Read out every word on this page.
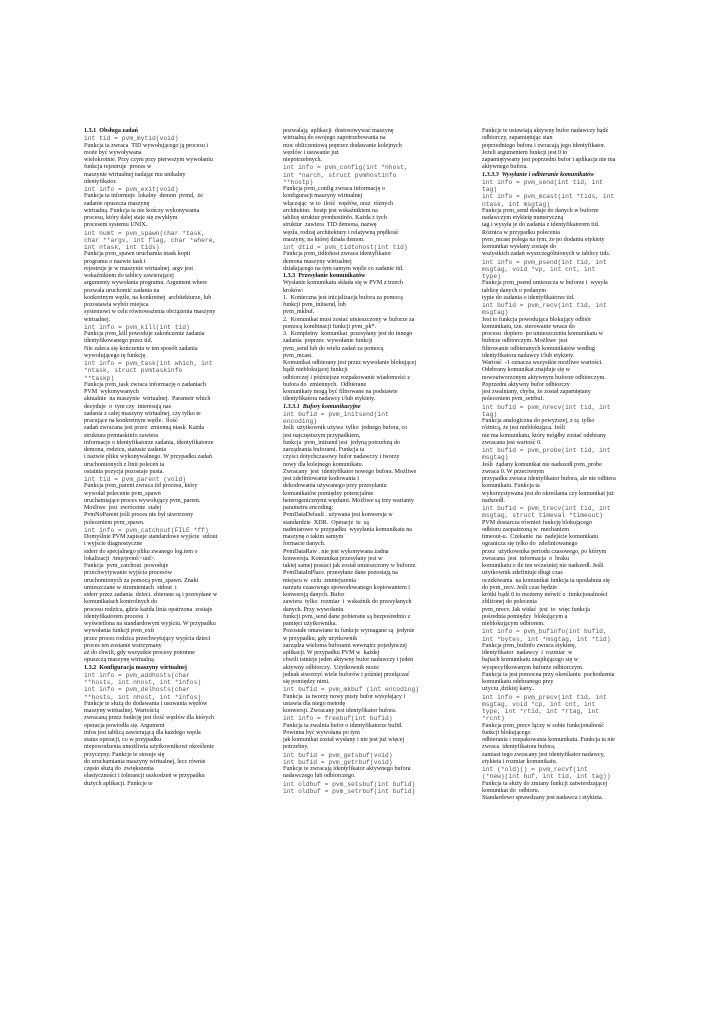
1.3.1  Obsługa zadań
int tid = pvm_mytid(void)
Funkcja ta zwraca  TID wywołującego ją procesu i
może być wywoływana
wielokrotnie. Przy czym przy pierwszym wywołaniu
funkcja rejestruje  proces w
maszynie wirtualnej nadając mu unikalny
identyfikator.
int info = pvm_exit(void)
Funkcja ta informuje  lokalny  demon  pvmd,  że
zadanie opuszcza maszynę
wirtualną. Funkcja ta nie kończy wykonywania
procesu, który dalej staje się zwykłym
procesem systemu UNIX.
int numt = pvm_spawn(char *task,
char **argv, int flag, char *where,
int ntask, int tids)
Funkcja pvm_spawn uruchamia ntask kopii
programu o nazwie task i
rejestruje je w maszynie wirtualnej. argv jest
wskaźnikiem do tablicy zawierającej
argumenty wywołania programu. Argument where
pozwala uruchomić zadania na
konkretnym węźle, na konkretnej  architekturze, lub
pozostawia wybór miejsca
systemowi w celu równoważenia obciążenia maszyny
wirtualnej.
int info = pvm_kill(int tid)
Funkcja pvm_kill powoduje zakończenie zadania
identyfikowanego przez tid.
Nie zaleca się kończenia w ten sposób zadania
wywołującego tę funkcję.
int info = pvm_task(int which, int
*ntask, struct pvmtaskinfo
**taskp)
Funkcja pvm_task zwraca informację o zadaniach
PVM  wykonywanych
aktualnie  na maszynie  wirtualnej.  Parametr which
decyduje  o  tym czy  interesują nas
zadania z całej maszyny wirtualnej, czy tylko te
pracujące na konkretnym węźle.  Ilość
zadań zwracana jest przez  zmienną ntask. Każda
struktura pvmtaskinfo zawiera
informacje o identyfikatorze zadania, identyfikatorze
demona, rodzicu, statusie zadania
i nazwie pliku wykonywalnego. W przypadku zadań
uruchomionych z linii poleceń ta
ostatnia pozycja pozostaje pusta.
int tid = pvm_parent (void)
Funkcja pvm_parent zwraca tid procesu, który
wywołał polecenie pvm_spawn
uruchamiające proces wywołujący pvm_parent.
Możliwe  jest  zwrócenie  stałej
PvmNoParent jeśli proces nie był utworzony
poleceniem pvm_spawn.
int info = pvm_catchout(FILE *ff)
Domyślnie PVM zapisuje standardowe wyjście  stdout
i wyjście diagnostyczne
stderr do specjalnego pliku zwanego log.iem o
lokalizacji  /tmp/pvml/<uid>.
Funkcja  pvm_catchout  powoduje
przechwytywanie wyjścia procesów
uruchomionych za pomocą pvm_spawn. Znaki
umieszczane w strumieniach  stdout  i
stderr przez zadania  dzieci. zbierane są i przesyłane w
komunikatach kontrolnych do
procesu rodzica, gdzie każda linia opatrzona  zostaje
identyfikatorem procesu  i
wyświetlona na standardowym wyjściu. W przypadku
wywołania funkcji pvm_exit
przez proces rodzica przechwytujący wyjścia dzieci
proces ten zostanie wstrzymany
aż do chwili, gdy wszystkie procesy potomne
opuszczą maszynę wirtualną.
1.3.2  Konfiguracja maszyny wirtualnej
int info = pvm_addhosts(char
**hosts, int nhost, int *infos)
int info = pvm_delhosts(char
**hosts, int nhost, int *infos)
Funkcje te służą do dodawania i usuwania węzłów
maszyny wirtualnej. Wartością
zwracaną przez funkcję jest ilość węzłów dla których
operacja powiodła się. Argument
infos jest tablicą zawierającą dla każdego węzła
status operacji, co w przypadku
niepowodzenia umożliwia użytkownikowi określenie
przyczyny. Funkcje te stosuje się
do uruchamiania maszyny wirtualnej, lecz równie
często służą do  zwiększenia
elastyczności i tolerancji uszkodzeń w przypadku
dużych aplikacji. Funkcje te
pozwalają  aplikacji  dostosowywać maszynę
wirtualną do swojego zapotrzebowania na
moc obliczeniową poprzez dodawanie kolejnych
węzłów i usuwanie już
niepotrzebnych.
int info = pvm_config(int *nhost,
int *narch, struct pvmhostinfo
**hostp)
Funkcja pvm_config zwraca informację o
konfiguracji maszyny wirtualnej
włączając  w to  ilość  węzłów, oraz  różnych
architektur.  hostp jest wskaźnikiem na
tablicę struktur pvmhostinfo. Każda z tych
struktur  zawiera  TID demona, nazwę
węzła, rodzaj architektury i relatywną prędkość
maszyny, na której działa demon.
int dtid = pvm_tidtohost(int tid)
Funkcja pvm_tidtohost zwraca identyfikator
demona maszyny wirtualnej
działającego na tym samym węźle co zadanie tid.
1.3.3  Przesyłanie komunikatów
Wysłanie komunikatu składa się w PVM z trzech
kroków:
1.  Konieczna jest inicjalizacja bufora za pomocą
funkcji pvm_initsend, lub
pvm_mkbuf.
2.  Komunikat musi zostać umieszczony w buforze za
pomocą kombinacji funkcji pvm_pk*.
3.  Kompletny  komunikat  przesyłany jest do innego
zadania  poprzez  wywołanie funkcji
pvm_send lub do wielu zadań za pomocą
pvm_mcast.
Komunikat odbierany jest przez wywołanie blokującej
bądź nieblokującej funkcji
odbiorczej i późniejsze rozpakowanie wiadomości z
bufora do  zmiennych.  Odbierane
komunikaty mogą być filtrowane na podstawie
identyfikatora nadawcy i/lub etykiety.
1.3.3.1  Bufory komunikacyjne
int bufid = pvm_initsend(int
encoding)
Jeśli  użytkownik używa  tylko  jednego bufora, co
jest najczęstszym przypadkiem,
funkcja  pvm_initsend jest  jedyną potrzebną do
zarządzania buforami. Funkcja ta
czyści dotychczasowy bufor nadawczy i tworzy
nowy dla kolejnego komunikatu.
Zwracany  jest  identyfikator nowego bufora. Możliwe
jest zdefiniowanie kodowania i
dekodowania używanego przy przesyłaniu
komunikatów pomiędzy potencjalnie
heterogenicznymi węzłami. Możliwe są trzy warianty
parametru encoding:
PvmDataDefault . używana jest konwersja w
standardzie  XDR.  Operacje  te  są
nadmiarowe w przypadku  wysyłania komunikatu na
maszynę o takim samym
formacie danych.
PvmDataRaw . nie jest wykonywana żadna
konwersja. Komunikat przesyłany jest w
takiej samej postaci jak został umieszczony w buforze.
PvmDataInPlace. przesyłane dane pozostają na
miejscu w  celu  zmniejszenia
narzutu czasowego spowodowanego kopiowaniem i
konwersją danych. Bufor
zawiera  tylko  rozmiar  i  wskaźnik do przesyłanych
danych. Przy wywołaniu
funkcji pvm_send dane pobierane są bezpośrednio z
pamięci użytkownika.
Pozostałe omawiane tu funkcje wymagane są  jedynie
w przypadku, gdy użytkownik
zarządza wieloma buforami wewnątrz pojedynczej
aplikacji. W przypadku PVM w  każdej
chwili istnieje jeden aktywny bufor nadawczy i jeden
aktywny odbiorczy.  Użytkownik może
jednak stworzyć wiele buforów i później przełączać
się pomiędzy nimi.
int bufid = pvm_mkbuf (int encoding)
Funkcja  ta tworzy nowy pusty bufor wysyłający i
ustawia dla niego metodę
konwersji. Zwracany jest identyfikator bufora.
int info = freebuf(int bufid)
Funkcja ta zwalnia bufor o identyfikatorze bufid.
Powinna być wywołana po tym
jak komunikat został wysłany i nie jest już więcej
potrzebny.
int bufid = pvm_getsbuf(void)
int bufid = pvm_getrbuf(void)
Funkcje te zwracają identyfikator aktywnego bufora
nadawczego lub odbiorczego.
int oldbuf = pvm_setsbuf(int bufid)
int oldbuf = pvm_setrbuf(int bufid)
Funkcje te ustawiają aktywny bufor nadawczy bądź
odbiorczy, zapamiętując stan
poprzedniego bufora i zwracają jego identyfikator.
Jeżeli argumentem funkcji jest 0 to
zapamiętywany jest poprzedni bufor i aplikacja nie ma
aktywnego bufora.
1.3.3.3  Wysyłanie i odbieranie komunikatów
int info = pvm_send(int tid, int
tag)
int info = pvm_mcast(int *tids, int
ntask, int msgtag)
Funkcja pvm_send dodaje do danych w buforze
nadawczym etykietę numeryczną
tag i wysyła je do zadania z identyfikatorem tid.
Różnica w przypadku polecenia
pvm_mcast polega na tym, że po dodaniu etykiety
komunikat wysłany zostaje do
wszystkich zadań wyszczególnionych w tablicy tids.
int info = pvm_psend(int tid, int
msgtag, void *vp, int cnt, int
type)
Funkcja pvm_psend umieszcza w buforze i  wysyła
tablicę danych o podanym
typie do zadania o identyfikatorze tid.
int bufid = pvm_recv(int tid, int
msgtag)
Jest to funkcja powodująca blokujący odbiór
komunikatu, tzn. sterowanie wraca do
procesu  dopiero  po umieszczeniu komunikatu w
buforze odbiorczym. Możliwe  jest
filtrowanie odbieranych komunikatów według
identyfikatora nadawcy i/lub etykiety.
Wartość  -1 oznacza wszystkie możliwe wartości.
Odebrany komunikat znajduje się w
nowoutworzonym aktywnym buforze odbiorczym.
Poprzedni aktywny bufor odbiorczy
jest zwalniany, chyba, że został zapamiętany
poleceniem pvm_setrbuf.
int bufid = pvm_nrecv(int tid, int
tag)
Funkcja analogiczna do powyższej, z tą  tylko
różnicą, że jest nieblokująca. Jeśli
nie ma komunikatu, który mógłby zostać odebrany
zwracana jest wartość 0.
int bufid = pvm_probe(int tid, int
msgtag)
Jeśli  żądany komunikat nie nadszedł pvm_probe
zwraca 0. W przeciwnym
przypadku zwraca identyfikator bufora, ale nie odbiera
komunikatu. Funkcja ta
wykorzystywana jest do określania czy komunikat już
nadszedł.
int bufid = pvm_trecv(int tid, int
msgtag, struct timeval *timeout)
PVM dostarcza również funkcję blokującego
odbioru zaopatrzoną w  mechanizm
timeout-u.  Czekanie  na  nadejście komunikatu
ogranicza się tylko do  zdefiniowanego
przez  użytkownika periodu czasowego, po którym
zwracana  jest  informacja  o  braku
komunikatu o ile ten wcześniej nie nadszedł. Jeśli
użytkownik zdefiniuje długi czas
oczekiwania  na komunikat funkcja ta upodabnia się
do pvm_recv. Jeśli czas będzie
krótki bądź 0 to możemy mówić o  funkcjonalności
zbliżonej do polecenia
pvm_nrecv. Jak widać  jest  to  więc funkcja
pośrednia pomiędzy  blokującym a
nieblokującym odbiorem.
int info = pvm_bufinfo(int bufid,
int *bytes, int *msgtag, int *tid)
Funkcja pvm_bufinfo zwraca etykietę,
identyfikator  nadawcy  i  rozmiar  w
bajtach komunikatu znajdującego się w
wyspecyfikowanym buforze odbiorczym.
Funkcja ta jest pomocna przy określaniu  pochodzenia
komunikatu odebranego przy
użyciu ,dzikiej karty..
int info = pvm_precv(int tid, int
msgtag, void *cp, int cnt, int
type, int *rtid, int *rtag, int
*rcnt)
Funkcja pvm_precv łączy w sobie funkcjonalność
funkcji blokującego
odbierania i rozpakowania komunikatu. Funkcja ta nie
zwraca  identyfikatora bufora,
zamiast tego zwracany jest identyfikator nadawcy,
etykieta i rozmiar komunikatu.
int (*old)() = pvm_recvf(int
(*new)(int buf, int tid, int tag))
Funkcja ta służy do zmiany funkcji zatwierdzającej
komunikat do  odbioru.
Standardowo sprawdzany jest nadawca i etykieta.
